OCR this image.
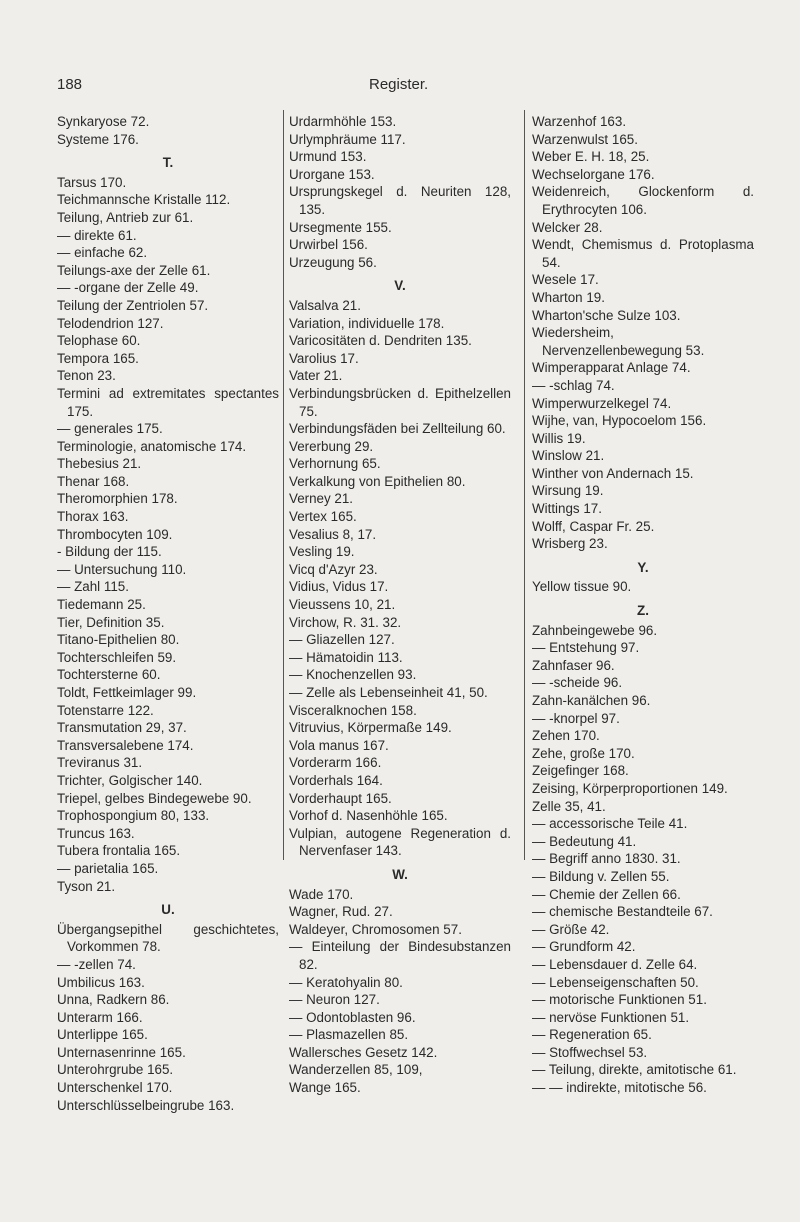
188	Register.
Synkaryose 72.
Systeme 176.
T.
Tarsus 170.
Teichmannsche Kristalle 112.
Teilung, Antrieb zur 61.
— direkte 61.
— einfache 62.
Teilungs-axe der Zelle 61.
— -organe der Zelle 49.
Teilung der Zentriolen 57.
Telodendrion 127.
Telophase 60.
Tempora 165.
Tenon 23.
Termini ad extremitates spectantes 175.
— generales 175.
Terminologie, anatomische 174.
Thebesius 21.
Thenar 168.
Theromorphien 178.
Thorax 163.
Thrombocyten 109.
- Bildung der 115.
— Untersuchung 110.
— Zahl 115.
Tiedemann 25.
Tier, Definition 35.
Titano-Epithelien 80.
Tochterschleifen 59.
Tochtersterne 60.
Toldt, Fettkeimlager 99.
Totenstarre 122.
Transmutation 29, 37.
Transversalebene 174.
Treviranus 31.
Trichter, Golgischer 140.
Triepel, gelbes Bindegewebe 90.
Trophospongium 80, 133.
Truncus 163.
Tubera frontalia 165.
— parietalia 165.
Tyson 21.
U.
Übergangsepithel geschichtetes, Vorkommen 78.
— -zellen 74.
Umbilicus 163.
Unna, Radkern 86.
Unterarm 166.
Unterlippe 165.
Unternasenrinne 165.
Unterohrgrube 165.
Unterschenkel 170.
Unterschlüsselbeingrube 163.
Urdarmhöhle 153.
Urlymphräume 117.
Urmund 153.
Urorgane 153.
Ursprungskegel d. Neuriten 128, 135.
Ursegmente 155.
Urwirbel 156.
Urzeugung 56.
V.
Valsalva 21.
Variation, individuelle 178.
Varicositäten d. Dendriten 135.
Varolius 17.
Vater 21.
Verbindungsbrücken d. Epithelzellen 75.
Verbindungsfäden bei Zellteilung 60.
Vererbung 29.
Verhornung 65.
Verkalkung von Epithelien 80.
Verney 21.
Vertex 165.
Vesalius 8, 17.
Vesling 19.
Vicq d'Azyr 23.
Vidius, Vidus 17.
Vieussens 10, 21.
Virchow, R. 31. 32.
— Gliazellen 127.
— Hämatoidin 113.
— Knochenzellen 93.
— Zelle als Lebenseinheit 41, 50.
Visceralknochen 158.
Vitruvius, Körpermaße 149.
Vola manus 167.
Vorderarm 166.
Vorderhals 164.
Vorderhaupt 165.
Vorhof d. Nasenhöhle 165.
Vulpian, autogene Regeneration d. Nervenfaser 143.
W.
Wade 170.
Wagner, Rud. 27.
Waldeyer, Chromosomen 57.
— Einteilung der Bindesubstanzen 82.
— Keratohyalin 80.
— Neuron 127.
— Odontoblasten 96.
— Plasmazellen 85.
Wallersches Gesetz 142.
Wanderzellen 85, 109,
Wange 165.
Warzenhof 163.
Warzenwulst 165.
Weber E. H. 18, 25.
Wechselorgane 176.
Weidenreich, Glockenform d. Erythrocyten 106.
Welcker 28.
Wendt, Chemismus d. Protoplasma 54.
Wesele 17.
Wharton 19.
Wharton'sche Sulze 103.
Wiedersheim, Nervenzellenbewegung 53.
Wimperapparat Anlage 74.
— -schlag 74.
Wimperwurzelkegel 74.
Wijhe, van, Hypocoelom 156.
Willis 19.
Winslow 21.
Winther von Andernach 15.
Wirsung 19.
Wittings 17.
Wolff, Caspar Fr. 25.
Wrisberg 23.
Y.
Yellow tissue 90.
Z.
Zahnbeingewebe 96.
— Entstehung 97.
Zahnfaser 96.
— -scheide 96.
Zahn-kanälchen 96.
— -knorpel 97.
Zehen 170.
Zehe, große 170.
Zeigefinger 168.
Zeising, Körperproportionen 149.
Zelle 35, 41.
— accessorische Teile 41.
— Bedeutung 41.
— Begriff anno 1830. 31.
— Bildung v. Zellen 55.
— Chemie der Zellen 66.
— chemische Bestandteile 67.
— Größe 42.
— Grundform 42.
— Lebensdauer d. Zelle 64.
— Lebenseigenschaften 50.
— motorische Funktionen 51.
— nervöse Funktionen 51.
— Regeneration 65.
— Stoffwechsel 53.
— Teilung, direkte, amitotische 61.
— — indirekte, mitotische 56.
